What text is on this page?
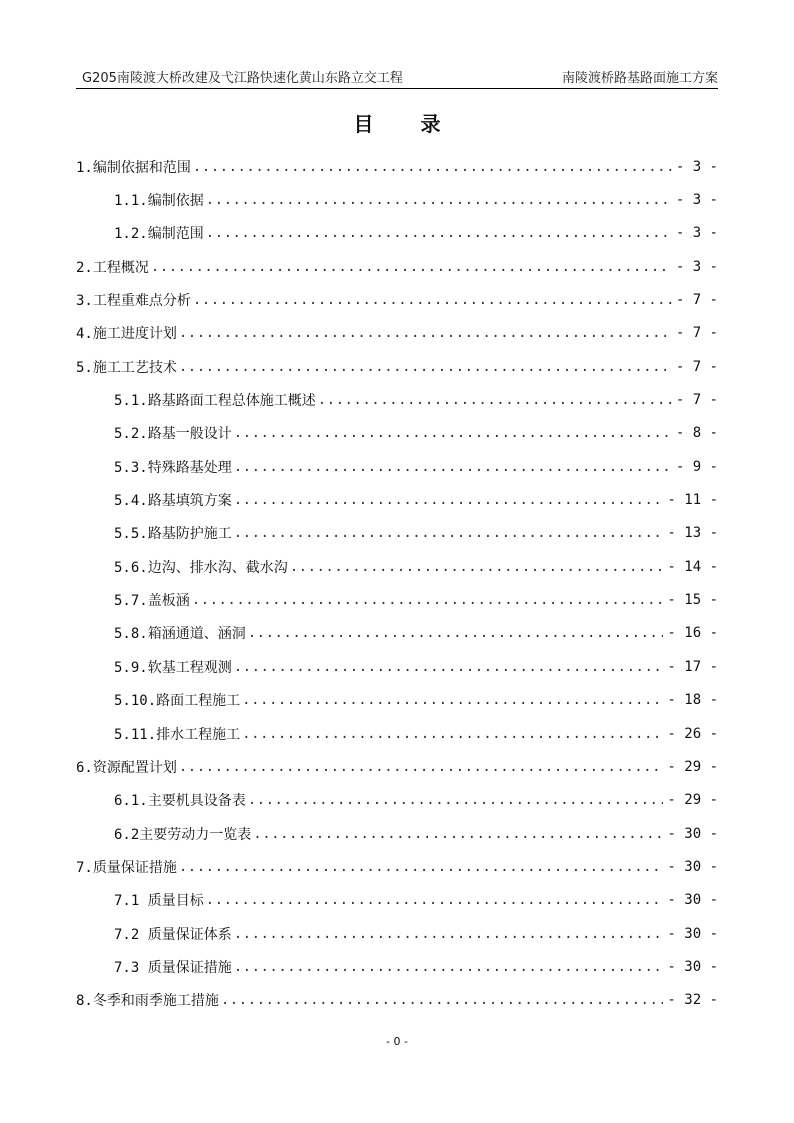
G205南陵渡大桥改建及弋江路快速化黄山东路立交工程	南陵渡桥路基路面施工方案
目 录
1.编制依据和范围 .....	- 3 -
1.1.编制依据 .....	- 3 -
1.2.编制范围 .....	- 3 -
2.工程概况 .....	- 3 -
3.工程重难点分析 .....	- 7 -
4.施工进度计划 .....	- 7 -
5.施工工艺技术 .....	- 7 -
5.1.路基路面工程总体施工概述 .....	- 7 -
5.2.路基一般设计 .....	- 8 -
5.3.特殊路基处理 .....	- 9 -
5.4.路基填筑方案 .....	- 11 -
5.5.路基防护施工 .....	- 13 -
5.6.边沟、排水沟、截水沟 .....	- 14 -
5.7.盖板涵 .....	- 15 -
5.8.箱涵通道、涵洞 .....	- 16 -
5.9.软基工程观测 .....	- 17 -
5.10.路面工程施工 .....	- 18 -
5.11.排水工程施工 .....	- 26 -
6.资源配置计划 .....	- 29 -
6.1.主要机具设备表 .....	- 29 -
6.2主要劳动力一览表 .....	- 30 -
7.质量保证措施 .....	- 30 -
7.1 质量目标 .....	- 30 -
7.2 质量保证体系 .....	- 30 -
7.3 质量保证措施 .....	- 30 -
8.冬季和雨季施工措施 .....	- 32 -
- 0 -
